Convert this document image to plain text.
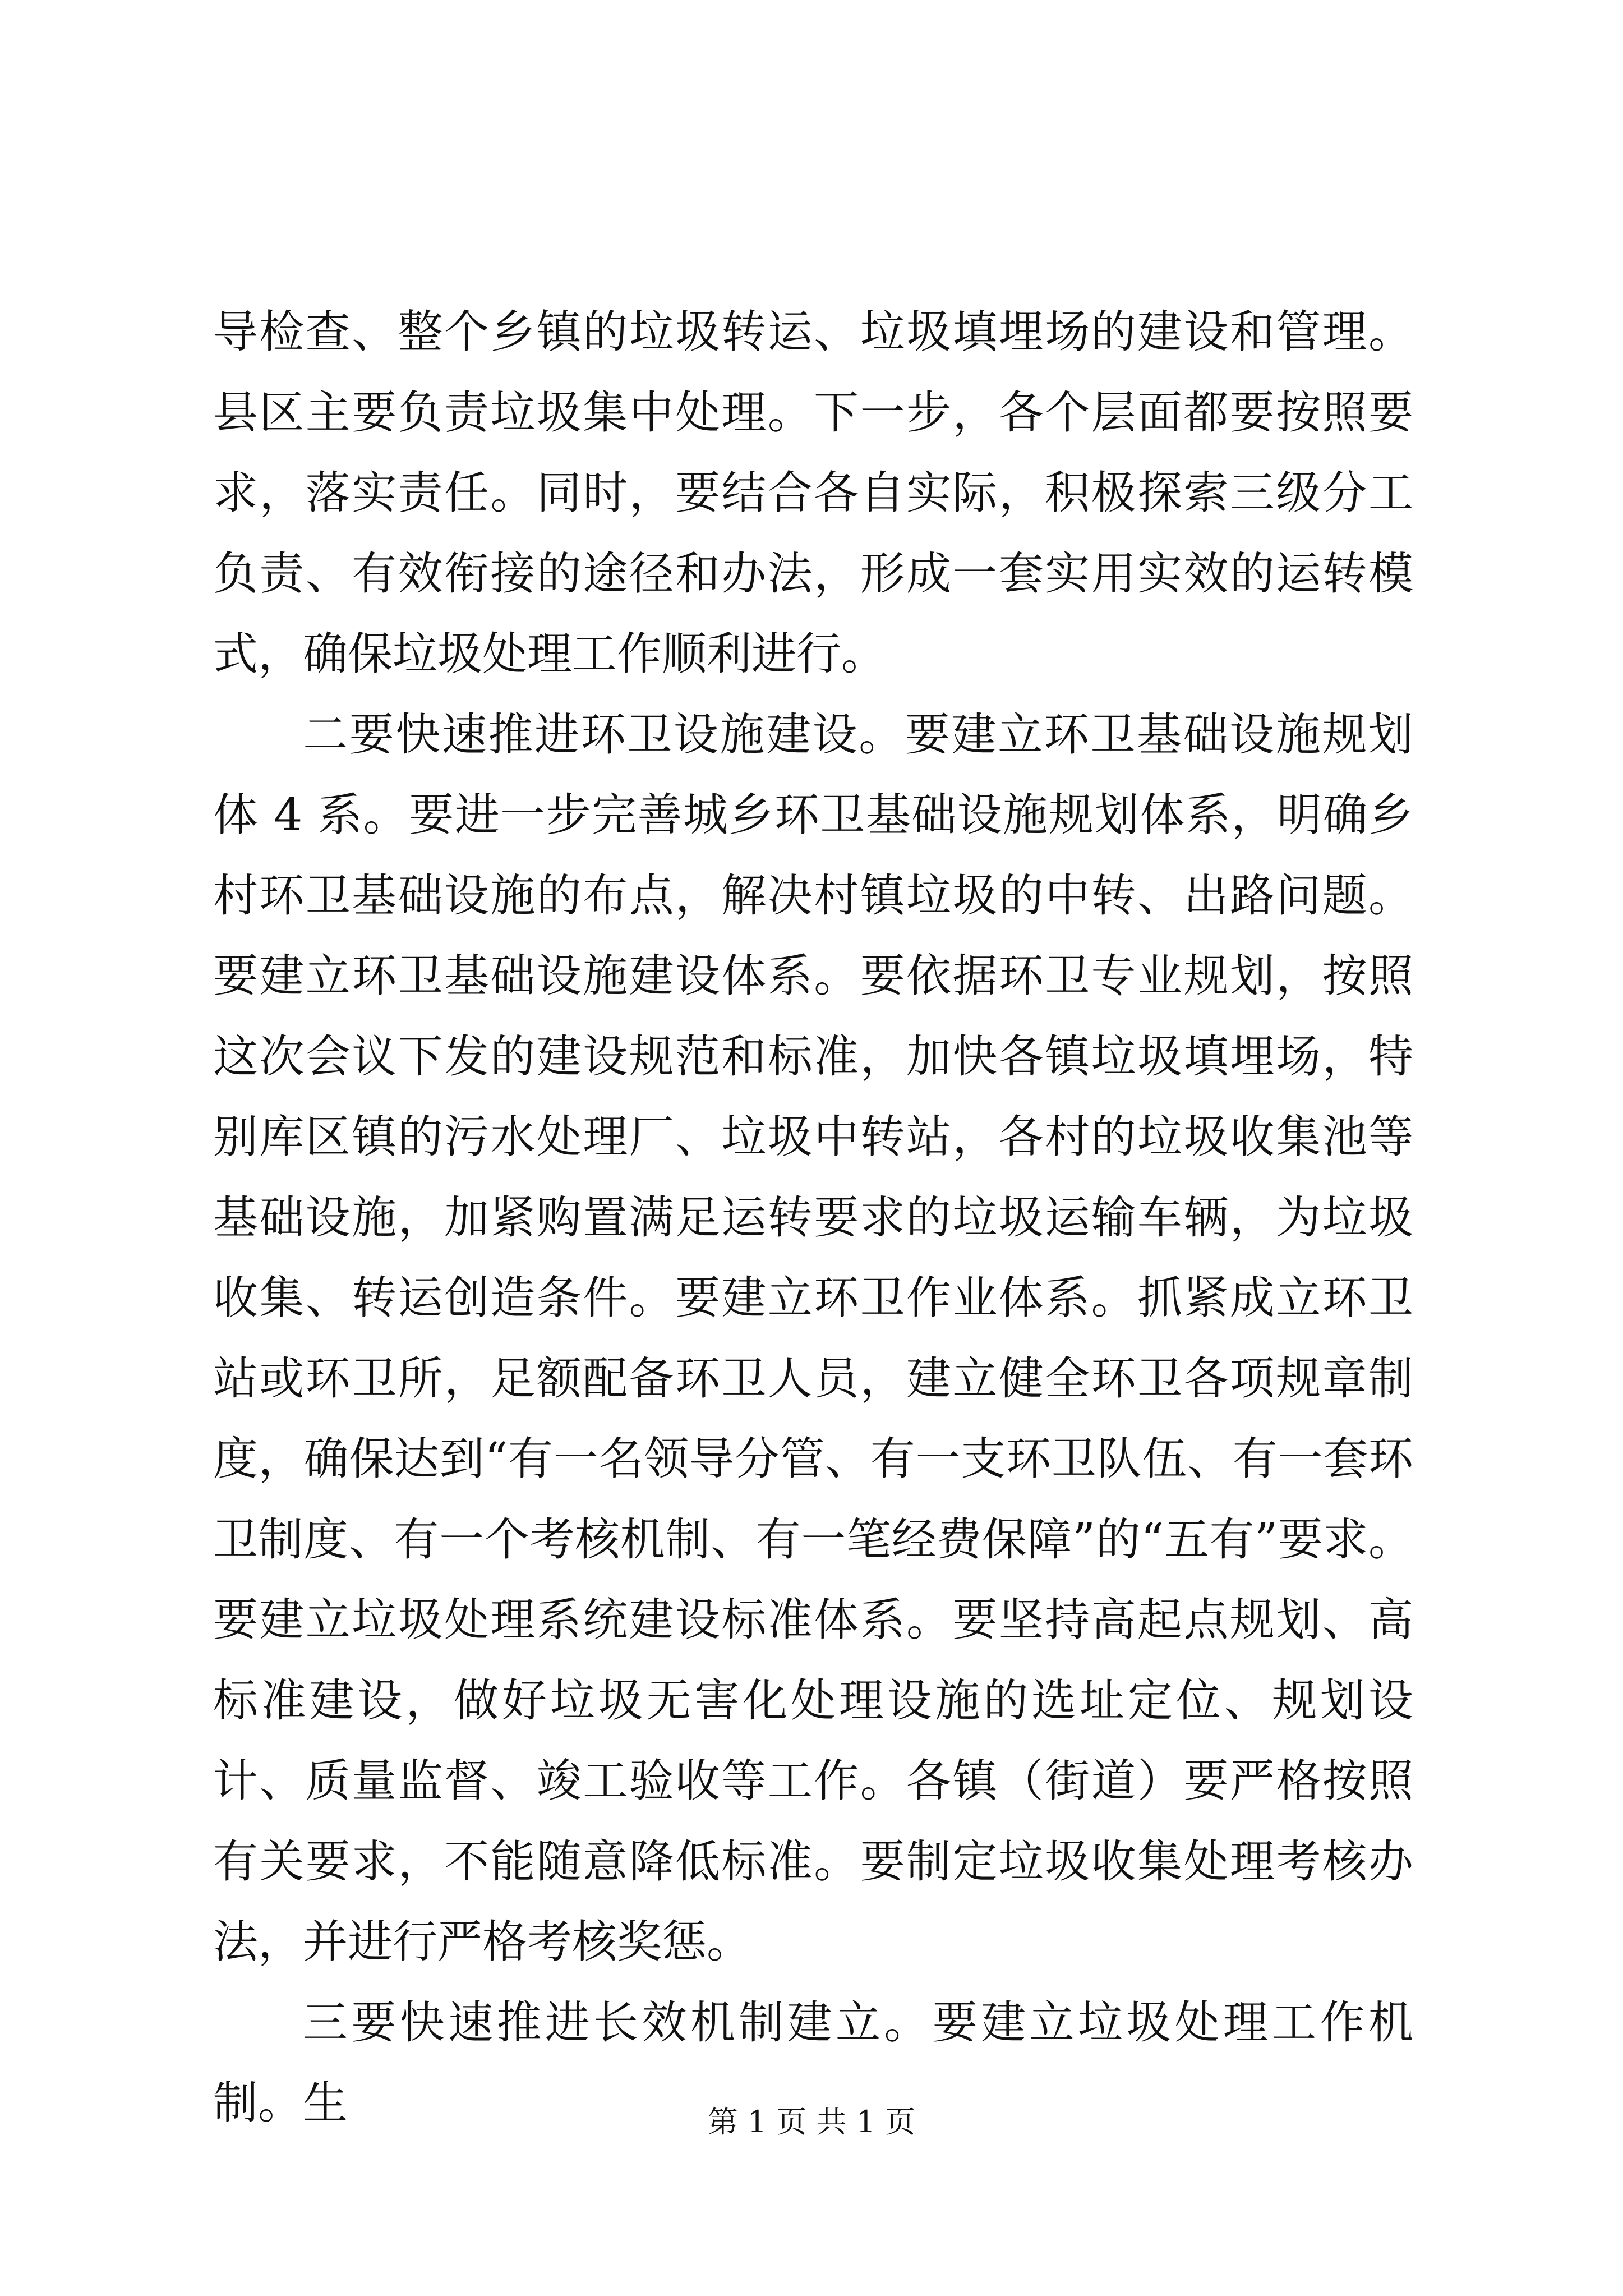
导检查、整个乡镇的垃圾转运、垃圾填埋场的建设和管理。县区主要负责垃圾集中处理。下一步，各个层面都要按照要求，落实责任。同时，要结合各自实际，积极探索三级分工负责、有效衔接的途径和办法，形成一套实用实效的运转模式，确保垃圾处理工作顺利进行。

二要快速推进环卫设施建设。要建立环卫基础设施规划体 4 系。要进一步完善城乡环卫基础设施规划体系，明确乡村环卫基础设施的布点，解决村镇垃圾的中转、出路问题。要建立环卫基础设施建设体系。要依据环卫专业规划，按照这次会议下发的建设规范和标准，加快各镇垃圾填埋场，特别库区镇的污水处理厂、垃圾中转站，各村的垃圾收集池等基础设施，加紧购置满足运转要求的垃圾运输车辆，为垃圾收集、转运创造条件。要建立环卫作业体系。抓紧成立环卫站或环卫所，足额配备环卫人员，建立健全环卫各项规章制度，确保达到“有一名领导分管、有一支环卫队伍、有一套环卫制度、有一个考核机制、有一笔经费保障”的“五有”要求。要建立垃圾处理系统建设标准体系。要坚持高起点规划、高标准建设，做好垃圾无害化处理设施的选址定位、规划设计、质量监督、竣工验收等工作。各镇（街道）要严格按照有关要求，不能随意降低标准。要制定垃圾收集处理考核办法，并进行严格考核奖惩。

三要快速推进长效机制建立。要建立垃圾处理工作机制。生	第 1 页 共 1 页
